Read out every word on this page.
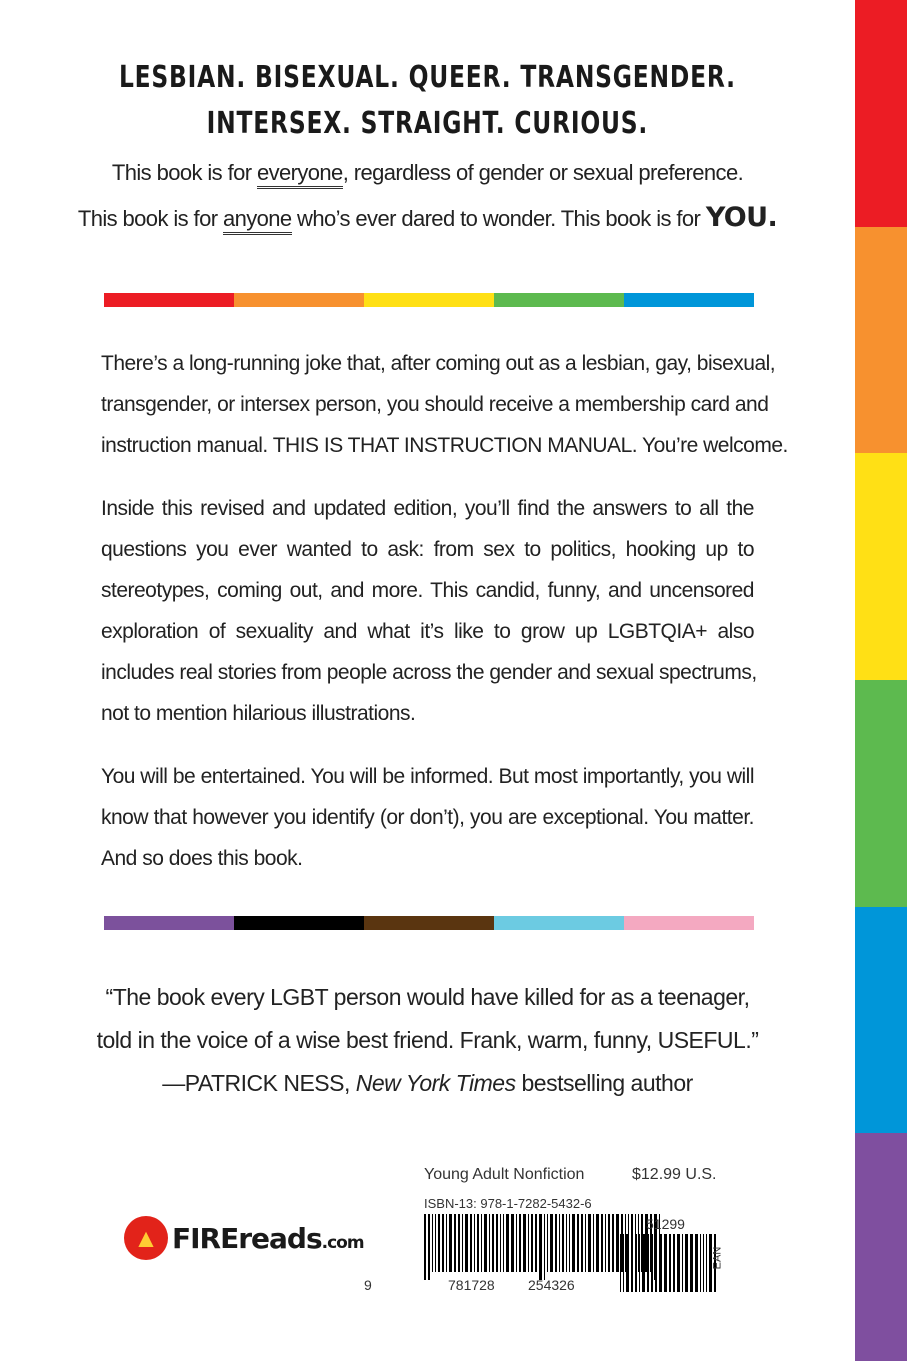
LESBIAN. BISEXUAL. QUEER. TRANSGENDER.
INTERSEX. STRAIGHT. CURIOUS.
This book is for everyone, regardless of gender or sexual preference.
This book is for anyone who’s ever dared to wonder. This book is for YOU.
There’s a long-running joke that, after coming out as a lesbian, gay, bisexual,
transgender, or intersex person, you should receive a membership card and
instruction manual. THIS IS THAT INSTRUCTION MANUAL. You’re welcome.
Inside this revised and updated edition, you’ll find the answers to all the
questions you ever wanted to ask: from sex to politics, hooking up to
stereotypes, coming out, and more. This candid, funny, and uncensored
exploration of sexuality and what it’s like to grow up LGBTQIA+ also
includes real stories from people across the gender and sexual spectrums,
not to mention hilarious illustrations.
You will be entertained. You will be informed. But most importantly, you will
know that however you identify (or don’t), you are exceptional. You matter.
And so does this book.
“The book every LGBT person would have killed for as a teenager,
told in the voice of a wise best friend. Frank, warm, funny, USEFUL.”
—PATRICK NESS, New York Times bestselling author
▲ FIREreads.com
Young Adult Nonfiction	$12.99 U.S.
ISBN-13: 978-1-7282-5432-6
9	781728 254326
51299
EAN
